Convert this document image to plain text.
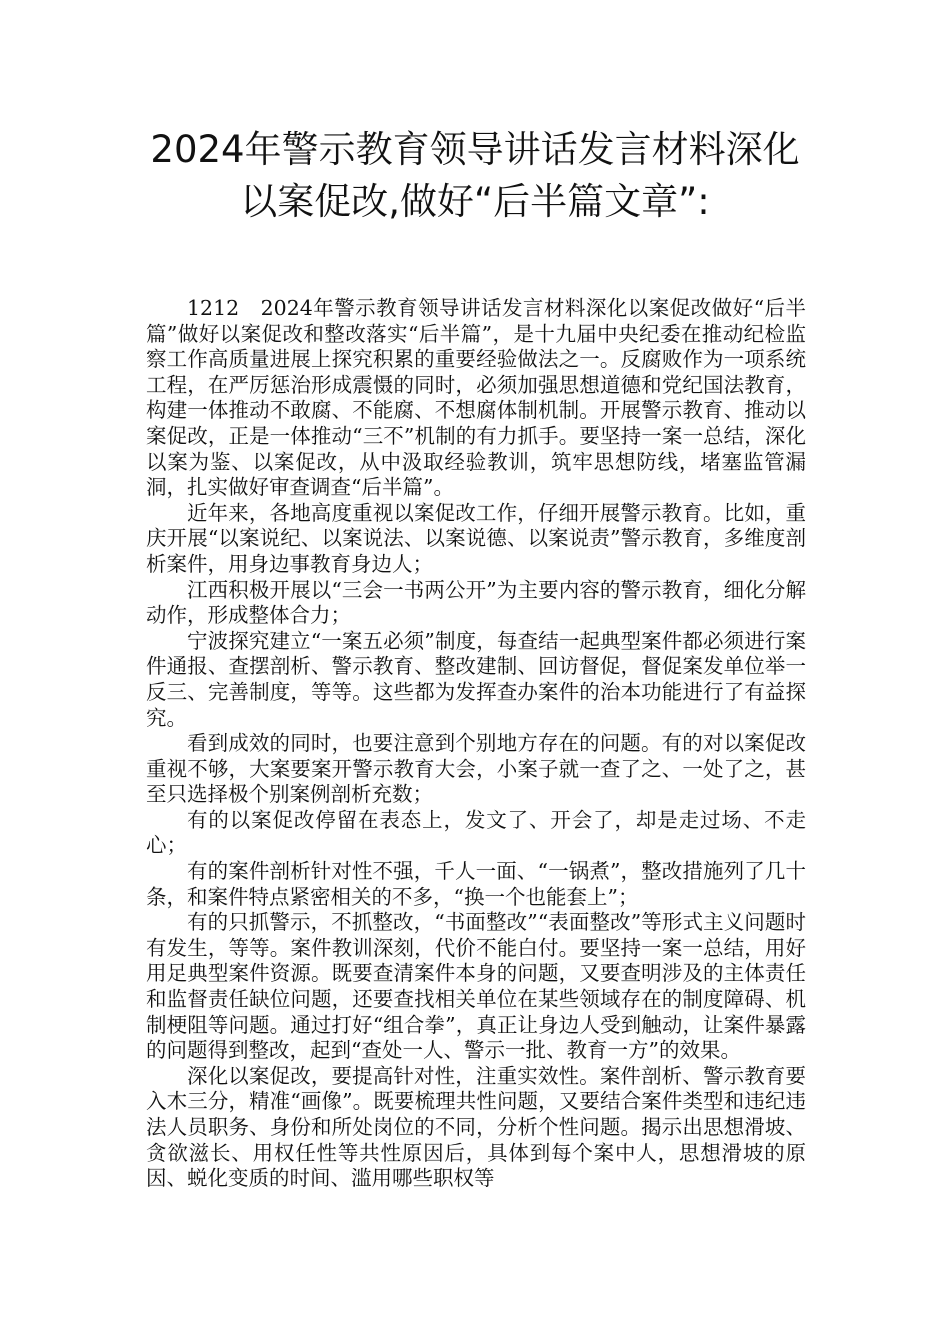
2024年警示教育领导讲话发言材料深化
以案促改,做好“后半篇文章”:

1212　2024年警示教育领导讲话发言材料深化以案促改做好“后半篇”做好以案促改和整改落实“后半篇”，是十九届中央纪委在推动纪检监察工作高质量进展上探究积累的重要经验做法之一。反腐败作为一项系统工程，在严厉惩治形成震慑的同时，必须加强思想道德和党纪国法教育，构建一体推动不敢腐、不能腐、不想腐体制机制。开展警示教育、推动以案促改，正是一体推动“三不”机制的有力抓手。要坚持一案一总结，深化以案为鉴、以案促改，从中汲取经验教训，筑牢思想防线，堵塞监管漏洞，扎实做好审查调查“后半篇”。

近年来，各地高度重视以案促改工作，仔细开展警示教育。比如，重庆开展“以案说纪、以案说法、以案说德、以案说责”警示教育，多维度剖析案件，用身边事教育身边人；

江西积极开展以“三会一书两公开”为主要内容的警示教育，细化分解动作，形成整体合力；

宁波探究建立“一案五必须”制度，每查结一起典型案件都必须进行案件通报、查摆剖析、警示教育、整改建制、回访督促，督促案发单位举一反三、完善制度，等等。这些都为发挥查办案件的治本功能进行了有益探究。

看到成效的同时，也要注意到个别地方存在的问题。有的对以案促改重视不够，大案要案开警示教育大会，小案子就一查了之、一处了之，甚至只选择极个别案例剖析充数；

有的以案促改停留在表态上，发文了、开会了，却是走过场、不走心；

有的案件剖析针对性不强，千人一面、“一锅煮”，整改措施列了几十条，和案件特点紧密相关的不多，“换一个也能套上”；

有的只抓警示，不抓整改，“书面整改”“表面整改”等形式主义问题时有发生，等等。案件教训深刻，代价不能白付。要坚持一案一总结，用好用足典型案件资源。既要查清案件本身的问题，又要查明涉及的主体责任和监督责任缺位问题，还要查找相关单位在某些领域存在的制度障碍、机制梗阻等问题。通过打好“组合拳”，真正让身边人受到触动，让案件暴露的问题得到整改，起到“查处一人、警示一批、教育一方”的效果。

深化以案促改，要提高针对性，注重实效性。案件剖析、警示教育要入木三分，精准“画像”。既要梳理共性问题，又要结合案件类型和违纪违法人员职务、身份和所处岗位的不同，分析个性问题。揭示出思想滑坡、贪欲滋长、用权任性等共性原因后，具体到每个案中人，思想滑坡的原因、蜕化变质的时间、滥用哪些职权等
